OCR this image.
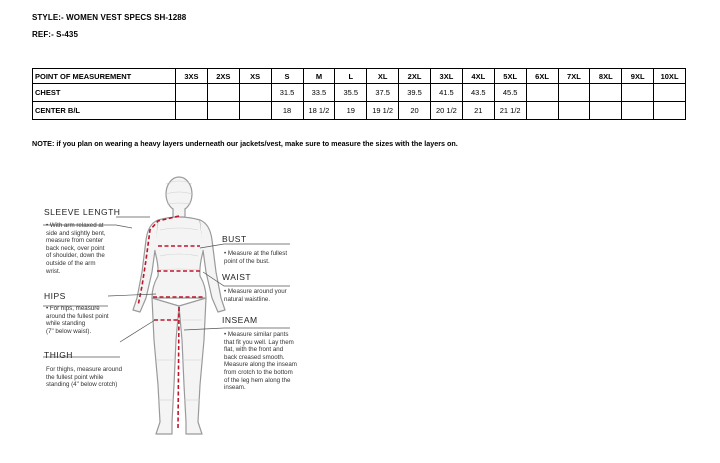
STYLE:- WOMEN VEST SPECS SH-1288
REF:- S-435
POINT OF MEASUREMENT	3XS	2XS	XS	S	M	L	XL	2XL	3XL	4XL	5XL	6XL	7XL	8XL	9XL	10XL
CHEST				31.5	33.5	35.5	37.5	39.5	41.5	43.5	45.5					
CENTER B/L				18	18 1/2	19	19 1/2	20	20 1/2	21	21 1/2					
NOTE: if you plan on wearing a heavy layers underneath our jackets/vest, make sure to measure the sizes with the layers on.
SLEEVE LENGTH
• With arm relaxed at
side and slightly bent,
measure from center
back neck, over point
of shoulder, down the
outside of the arm
wrist.
HIPS
• For hips, measure
around the fullest point
while standing
(7" below waist).
THIGH
For thighs, measure around
the fullest point while
standing (4" below crotch)
BUST
• Measure at the fullest
point of the bust.
WAIST
• Measure around your
natural waistline.
INSEAM
• Measure similar pants
that fit you well. Lay them
flat, with the front and
back creased smooth.
Measure along the inseam
from crotch to the bottom
of the leg hem along the
inseam.
